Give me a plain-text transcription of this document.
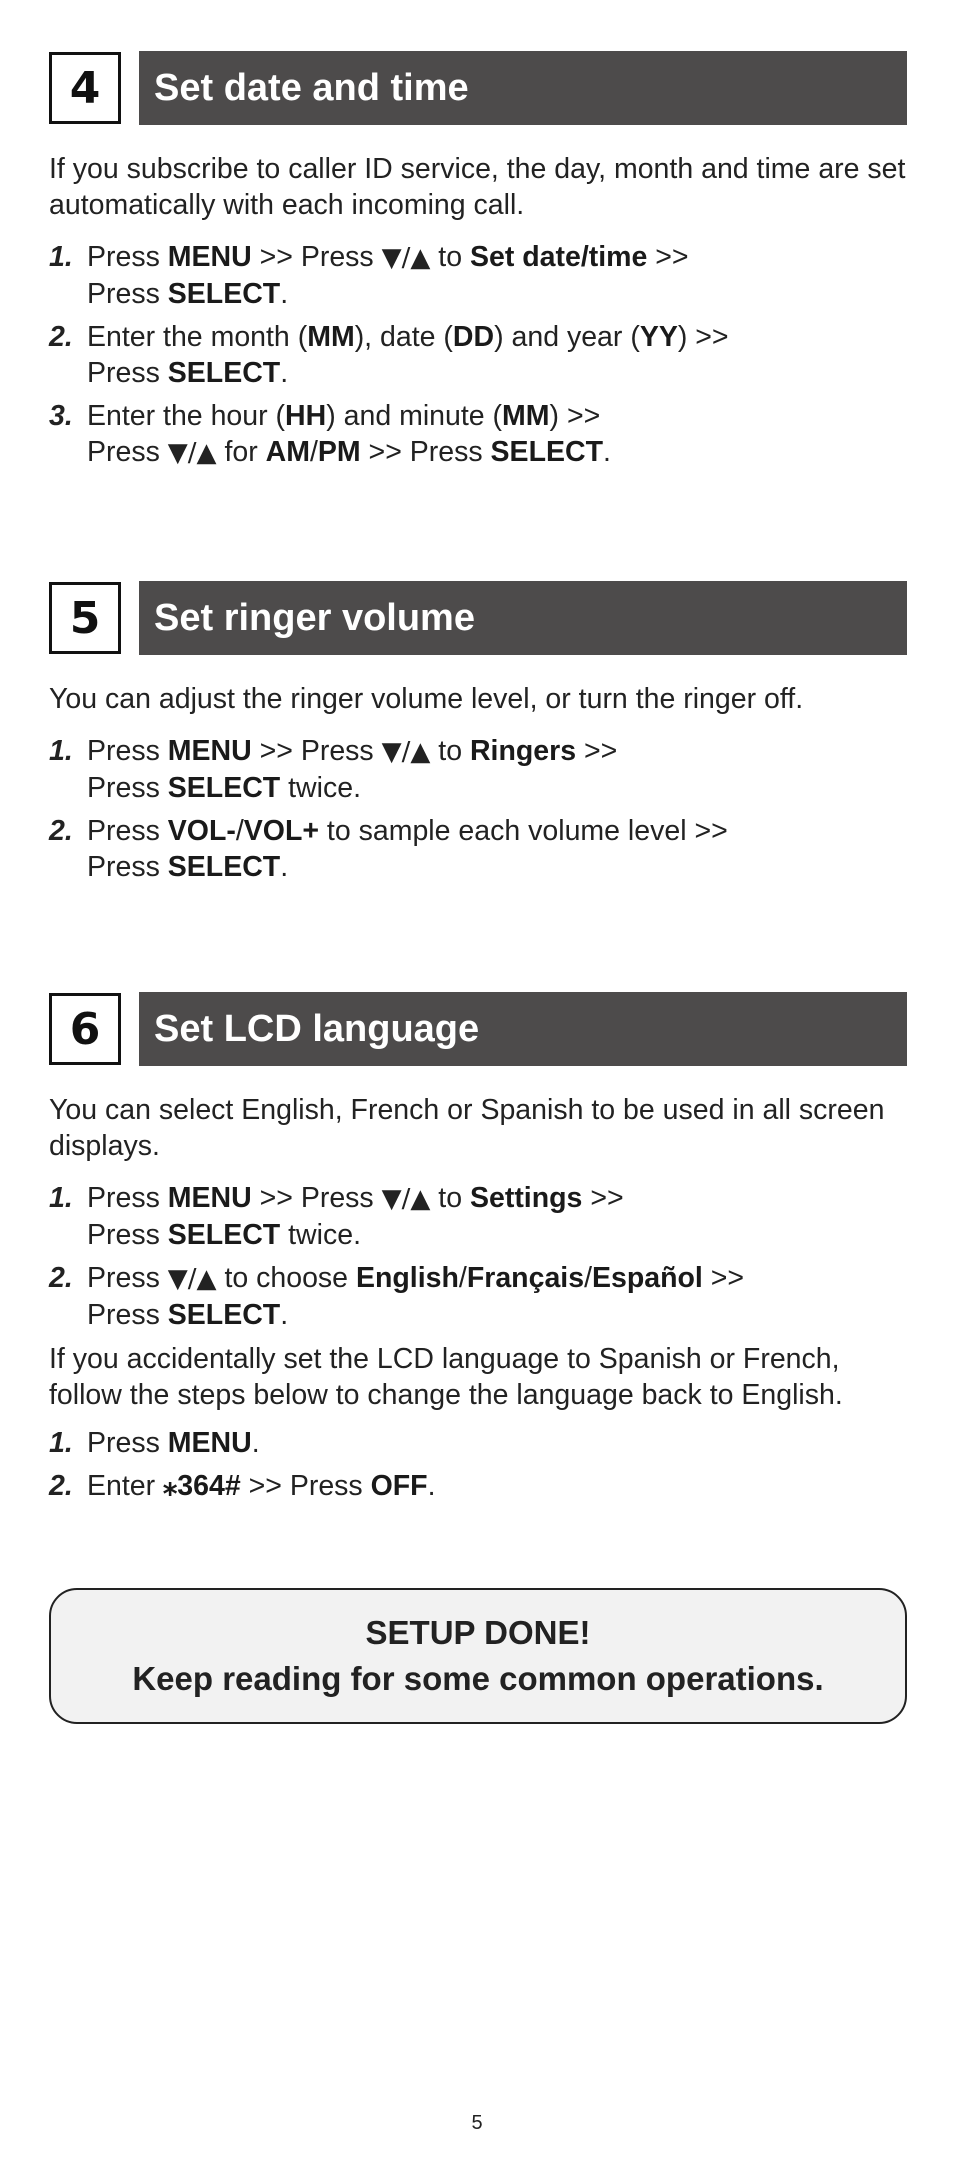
4	Set date and time
If you subscribe to caller ID service, the day, month and time are set automatically with each incoming call.
1. Press MENU >> Press ▼/▲ to Set date/time >>
Press SELECT.
2. Enter the month (MM), date (DD) and year (YY) >>
Press SELECT.
3. Enter the hour (HH) and minute (MM) >>
Press ▼/▲ for AM/PM >> Press SELECT.
5	Set ringer volume
You can adjust the ringer volume level, or turn the ringer off.
1. Press MENU >> Press ▼/▲ to Ringers >>
Press SELECT twice.
2. Press VOL-/VOL+ to sample each volume level >>
Press SELECT.
6	Set LCD language
You can select English, French or Spanish to be used in all screen displays.
1. Press MENU >> Press ▼/▲ to Settings >>
Press SELECT twice.
2. Press ▼/▲ to choose English/Français/Español >>
Press SELECT.
If you accidentally set the LCD language to Spanish or French, follow the steps below to change the language back to English.
1. Press MENU.
2. Enter ⁎364# >> Press OFF.
SETUP DONE!
Keep reading for some common operations.
5
